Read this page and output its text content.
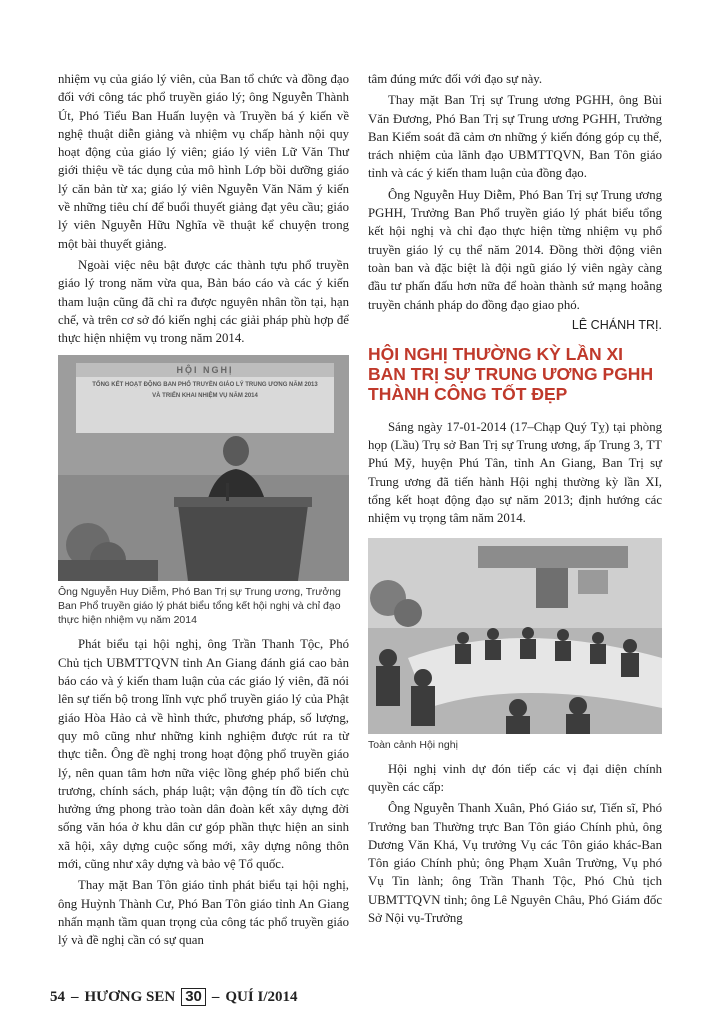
nhiệm vụ của giáo lý viên, của Ban tổ chức và đồng đạo đối với công tác phổ truyền giáo lý; ông Nguyễn Thành Út, Phó Tiểu Ban Huấn luyện và Truyền bá ý kiến về nghệ thuật diễn giảng và nhiệm vụ chấp hành nội quy hoạt động của giáo lý viên; giáo lý viên Lữ Văn Thư giới thiệu về tác dụng của mô hình Lớp bồi dưỡng giáo lý căn bản từ xa; giáo lý viên Nguyễn Văn Năm ý kiến về những tiêu chí để buổi thuyết giảng đạt yêu cầu; giáo lý viên Nguyễn Hữu Nghĩa về thuật kể chuyện trong một bài thuyết giảng.

Ngoài việc nêu bật được các thành tựu phổ truyền giáo lý trong năm vừa qua, Bản báo cáo và các ý kiến tham luận cũng đã chỉ ra được nguyên nhân tồn tại, hạn chế, và trên cơ sở đó kiến nghị các giải pháp phù hợp để thực hiện nhiệm vụ trong năm 2014.

HỘI NGHỊ
TỔNG KẾT HOẠT ĐỘNG BAN PHỔ TRUYỀN GIÁO LÝ TRUNG ƯƠNG NĂM 2013
VÀ TRIỂN KHAI NHIỆM VỤ NĂM 2014
Ông Nguyễn Huy Diễm, Phó Ban Trị sự Trung ương, Trưởng Ban Phổ truyền giáo lý phát biểu tổng kết hội nghị và chỉ đạo thực hiện nhiệm vụ năm 2014

Phát biểu tại hội nghị, ông Trần Thanh Tộc, Phó Chủ tịch UBMTTQVN tỉnh An Giang đánh giá cao bản báo cáo và ý kiến tham luận của các giáo lý viên, đã nói lên sự tiến bộ trong lĩnh vực phổ truyền giáo lý của Phật giáo Hòa Hảo cả về hình thức, phương pháp, số lượng, quy mô cũng như những kinh nghiệm được rút ra từ thực tiễn. Ông đề nghị trong hoạt động phổ truyền giáo lý, nên quan tâm hơn nữa việc lồng ghép phổ biến chủ trương, chính sách, pháp luật; vận động tín đồ tích cực hưởng ứng phong trào toàn dân đoàn kết xây dựng đời sống văn hóa ở khu dân cư góp phần thực hiện an sinh xã hội, xây dựng cuộc sống mới, xây dựng nông thôn mới, cũng như xây dựng và bảo vệ Tổ quốc.

Thay mặt Ban Tôn giáo tỉnh phát biểu tại hội nghị, ông Huỳnh Thành Cư, Phó Ban Tôn giáo tỉnh An Giang nhấn mạnh tầm quan trọng của công tác phổ truyền giáo lý và đề nghị cần có sự quan

tâm đúng mức đối với đạo sự này.

Thay mặt Ban Trị sự Trung ương PGHH, ông Bùi Văn Đương, Phó Ban Trị sự Trung ương PGHH, Trưởng Ban Kiểm soát đã cảm ơn những ý kiến đóng góp cụ thể, trách nhiệm của lãnh đạo UBMTTQVN, Ban Tôn giáo tỉnh và các ý kiến tham luận của đồng đạo.

Ông Nguyễn Huy Diễm, Phó Ban Trị sự Trung ương PGHH, Trưởng Ban Phổ truyền giáo lý phát biểu tổng kết hội nghị và chỉ đạo thực hiện từng nhiệm vụ phổ truyền giáo lý cụ thể năm 2014. Đồng thời động viên toàn ban và đặc biệt là đội ngũ giáo lý viên ngày càng đầu tư phấn đấu hơn nữa để hoàn thành sứ mạng hoằng truyền chánh pháp do đồng đạo giao phó.

LÊ CHÁNH TRỊ.
HỘI NGHỊ THƯỜNG KỲ LẦN XI BAN TRỊ SỰ TRUNG ƯƠNG PGHH THÀNH CÔNG TỐT ĐẸP

Sáng ngày 17-01-2014 (17–Chạp Quý Tỵ) tại phòng họp (Lầu) Trụ sở Ban Trị sự Trung ương, ấp Trung 3, TT Phú Mỹ, huyện Phú Tân, tỉnh An Giang, Ban Trị sự Trung ương đã tiến hành Hội nghị thường kỳ lần XI, tổng kết hoạt động đạo sự năm 2013; định hướng các nhiệm vụ trọng tâm năm 2014.

Toàn cảnh Hội nghị

Hội nghị vinh dự đón tiếp các vị đại diện chính quyền các cấp:

Ông Nguyễn Thanh Xuân, Phó Giáo sư, Tiến sĩ, Phó Trưởng ban Thường trực Ban Tôn giáo Chính phủ, ông Dương Văn Khá, Vụ trưởng Vụ các Tôn giáo khác-Ban Tôn giáo Chính phủ; ông Phạm Xuân Trường, Vụ phó Vụ Tin lành; ông Trần Thanh Tộc, Phó Chủ tịch UBMTTQVN tỉnh; ông Lê Nguyên Châu, Phó Giám đốc Sở Nội vụ-Trưởng

54 – HƯƠNG SEN 30 – QUÍ I/2014
